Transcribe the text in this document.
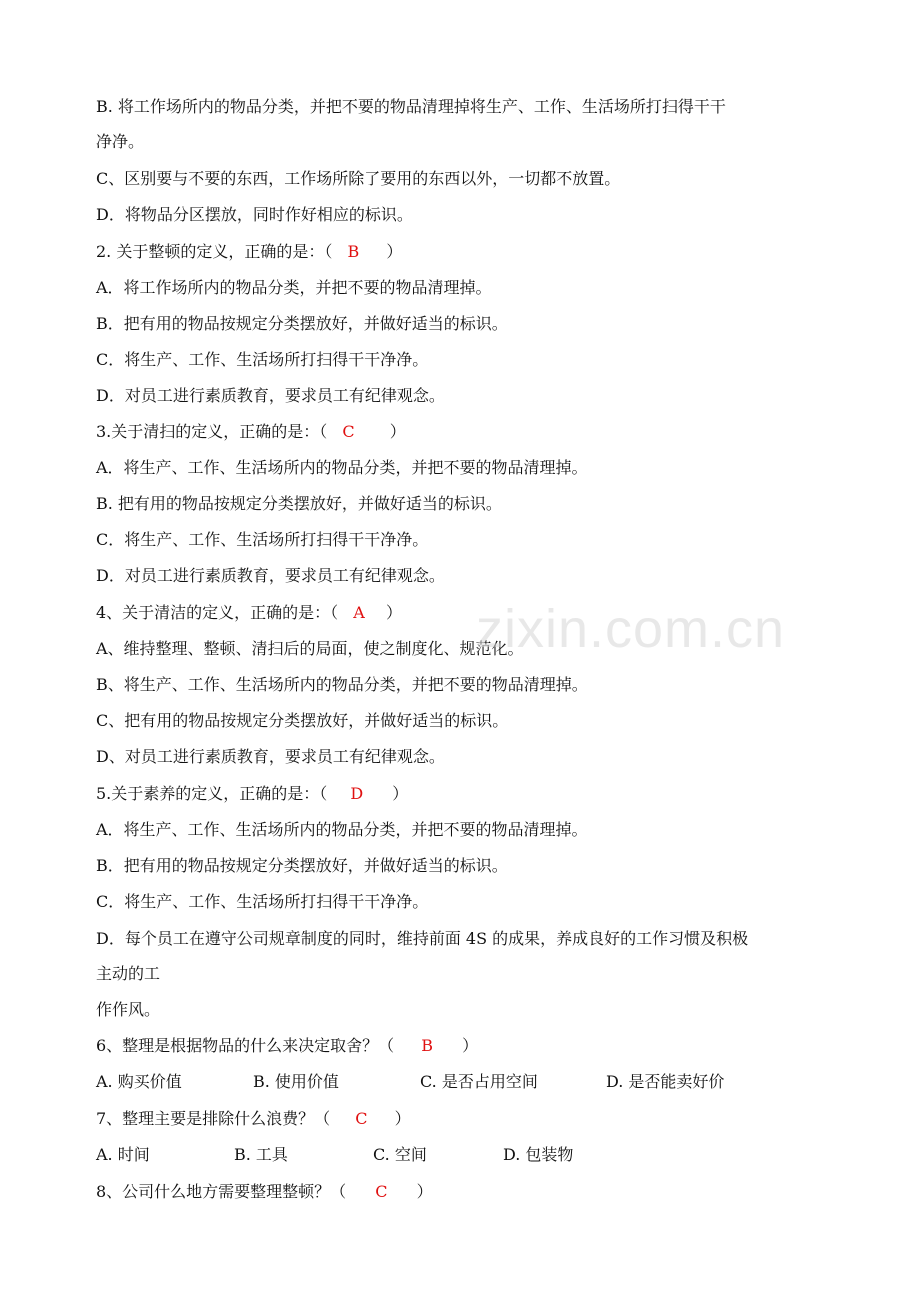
B. 将工作场所内的物品分类，并把不要的物品清理掉将生产、工作、生活场所打扫得干干
净净。
C、区别要与不要的东西，工作场所除了要用的东西以外，一切都不放置。
D．将物品分区摆放，同时作好相应的标识。
2. 关于整顿的定义，正确的是：（ B ）
A．将工作场所内的物品分类，并把不要的物品清理掉。
B．把有用的物品按规定分类摆放好，并做好适当的标识。
C．将生产、工作、生活场所打扫得干干净净。
D．对员工进行素质教育，要求员工有纪律观念。
3.关于清扫的定义，正确的是：（ C ）
A．将生产、工作、生活场所内的物品分类，并把不要的物品清理掉。
B. 把有用的物品按规定分类摆放好，并做好适当的标识。
C．将生产、工作、生活场所打扫得干干净净。
D．对员工进行素质教育，要求员工有纪律观念。
4、关于清洁的定义，正确的是：（ A ）
A、维持整理、整顿、清扫后的局面，使之制度化、规范化。
B、将生产、工作、生活场所内的物品分类，并把不要的物品清理掉。
C、把有用的物品按规定分类摆放好，并做好适当的标识。
D、对员工进行素质教育，要求员工有纪律观念。
5.关于素养的定义，正确的是：（ D ）
A．将生产、工作、生活场所内的物品分类，并把不要的物品清理掉。
B．把有用的物品按规定分类摆放好，并做好适当的标识。
C．将生产、工作、生活场所打扫得干干净净。
D．每个员工在遵守公司规章制度的同时，维持前面 4S 的成果，养成良好的工作习惯及积极
主动的工
作作风。
6、整理是根据物品的什么来决定取舍？（ B ）
A. 购买价值	B. 使用价值	C. 是否占用空间	D. 是否能卖好价
7、整理主要是排除什么浪费？（ C ）
A. 时间	B. 工具	C. 空间	D. 包装物
8、公司什么地方需要整理整顿？（ C ）
zixin.com.cn
